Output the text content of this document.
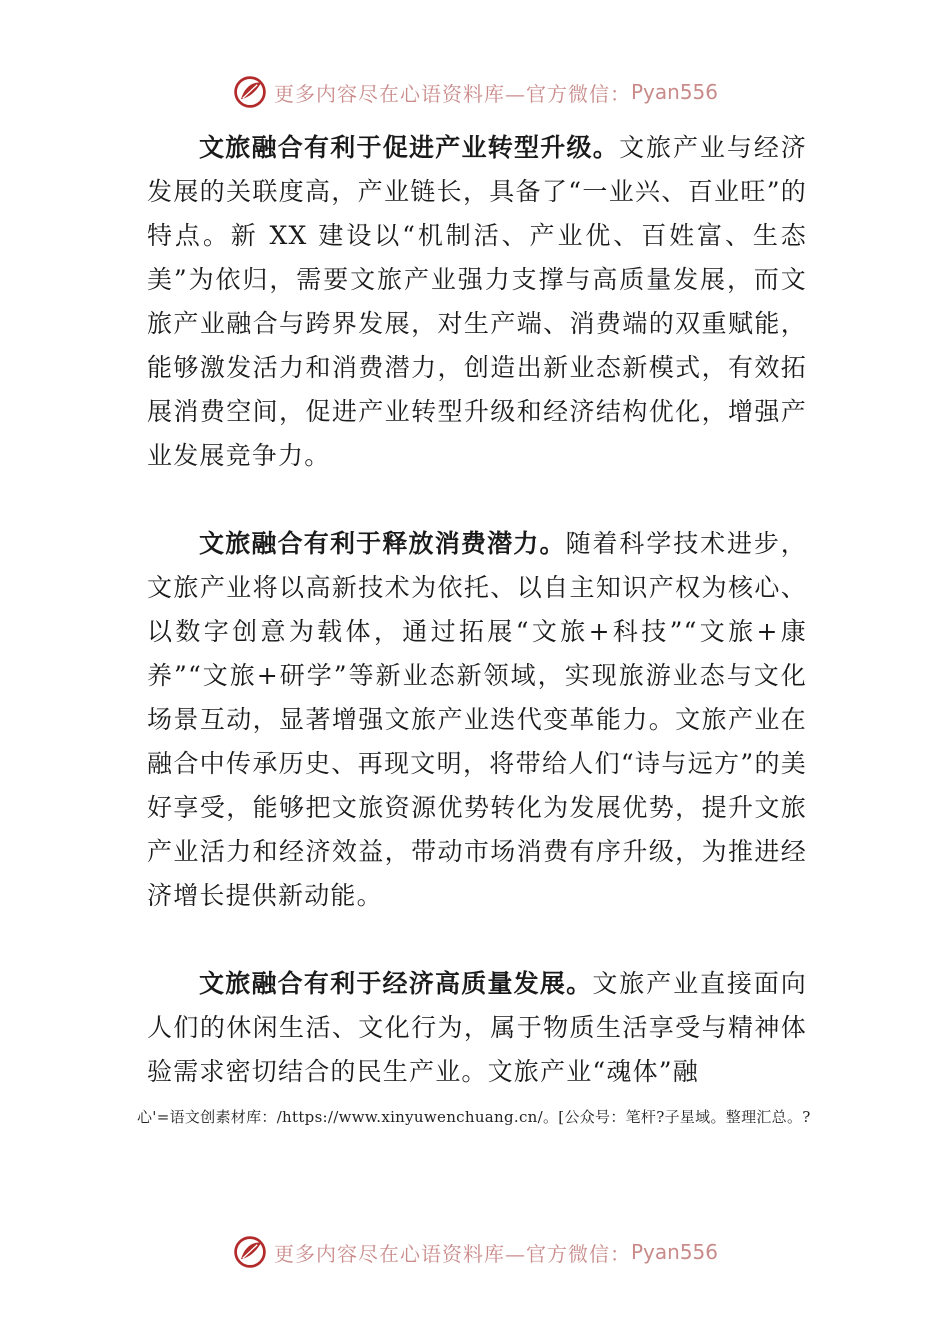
更多内容尽在心语资料库—官方微信： Pyan556

文旅融合有利于促进产业转型升级。文旅产业与经济发展的关联度高，产业链长，具备了“一业兴、百业旺”的特点。新 XX 建设以“机制活、产业优、百姓富、生态美”为依归，需要文旅产业强力支撑与高质量发展，而文旅产业融合与跨界发展，对生产端、消费端的双重赋能，能够激发活力和消费潜力，创造出新业态新模式，有效拓展消费空间，促进产业转型升级和经济结构优化，增强产业发展竞争力。

文旅融合有利于释放消费潜力。随着科学技术进步，文旅产业将以高新技术为依托、以自主知识产权为核心、以数字创意为载体，通过拓展“文旅+科技”“文旅+康养”“文旅+研学”等新业态新领域，实现旅游业态与文化场景互动，显著增强文旅产业迭代变革能力。文旅产业在融合中传承历史、再现文明，将带给人们“诗与远方”的美好享受，能够把文旅资源优势转化为发展优势，提升文旅产业活力和经济效益，带动市场消费有序升级，为推进经济增长提供新动能。

文旅融合有利于经济高质量发展。文旅产业直接面向人们的休闲生活、文化行为，属于物质生活享受与精神体验需求密切结合的民生产业。文旅产业“魂体”融

心'=语文创素材库：/https://www.xinyuwenchuang.cn/。[公众号：笔杆?子星域。整理汇总。?
更多内容尽在心语资料库—官方微信： Pyan556
